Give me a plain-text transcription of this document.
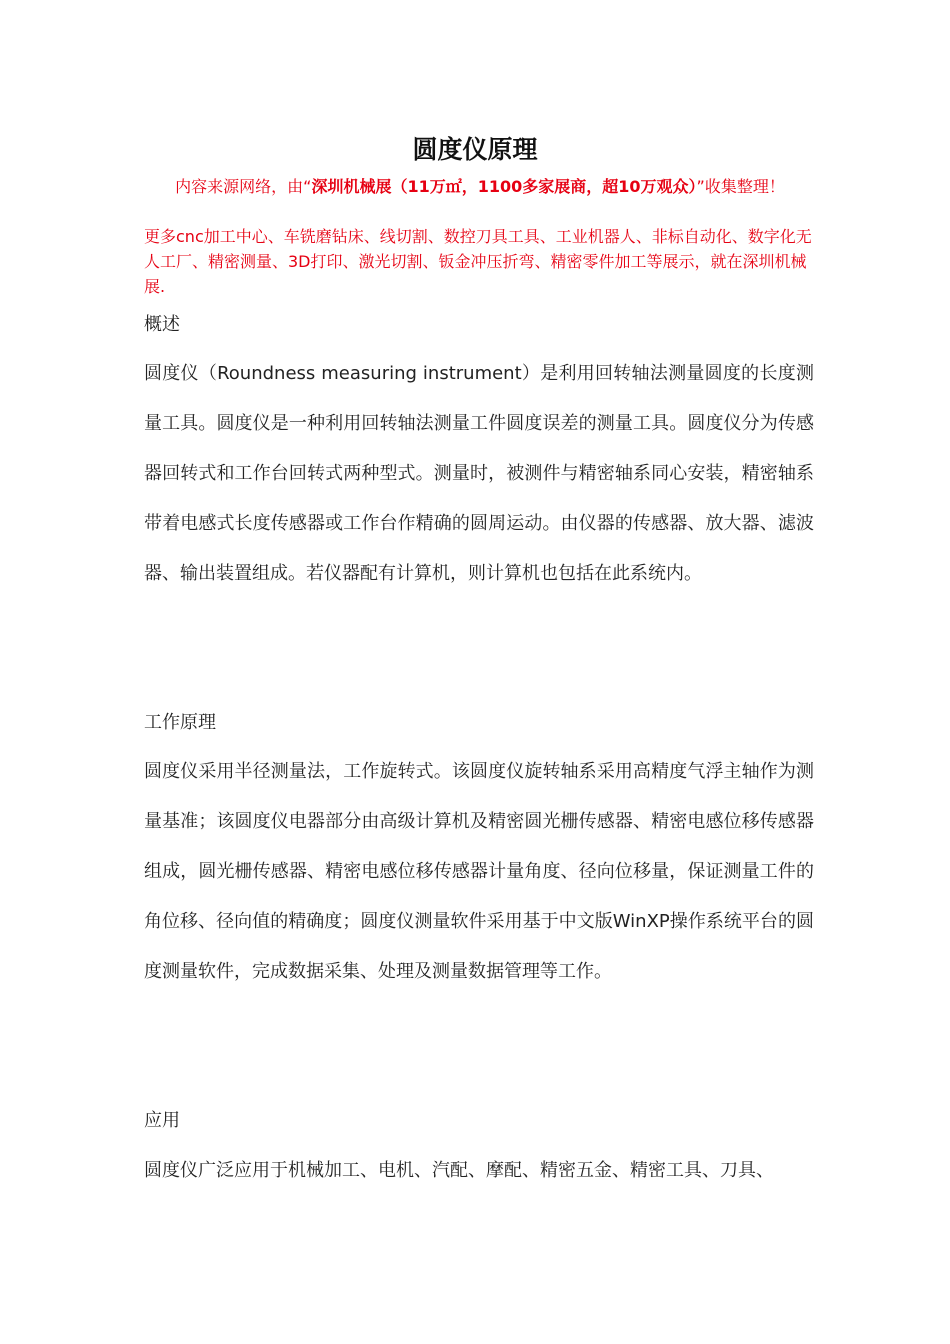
圆度仪原理
内容来源网络，由“深圳机械展（11万㎡，1100多家展商，超10万观众）”收集整理！
更多cnc加工中心、车铣磨钻床、线切割、数控刀具工具、工业机器人、非标自动化、数字化无人工厂、精密测量、3D打印、激光切割、钣金冲压折弯、精密零件加工等展示，就在深圳机械展.
概述
圆度仪（Roundness measuring instrument）是利用回转轴法测量圆度的长度测量工具。圆度仪是一种利用回转轴法测量工件圆度误差的测量工具。圆度仪分为传感器回转式和工作台回转式两种型式。测量时，被测件与精密轴系同心安装，精密轴系带着电感式长度传感器或工作台作精确的圆周运动。由仪器的传感器、放大器、滤波器、输出装置组成。若仪器配有计算机，则计算机也包括在此系统内。
工作原理
圆度仪采用半径测量法，工作旋转式。该圆度仪旋转轴系采用高精度气浮主轴作为测量基准；该圆度仪电器部分由高级计算机及精密圆光栅传感器、精密电感位移传感器组成，圆光栅传感器、精密电感位移传感器计量角度、径向位移量，保证测量工件的角位移、径向值的精确度；圆度仪测量软件采用基于中文版WinXP操作系统平台的圆度测量软件，完成数据采集、处理及测量数据管理等工作。
应用
圆度仪广泛应用于机械加工、电机、汽配、摩配、精密五金、精密工具、刀具、
